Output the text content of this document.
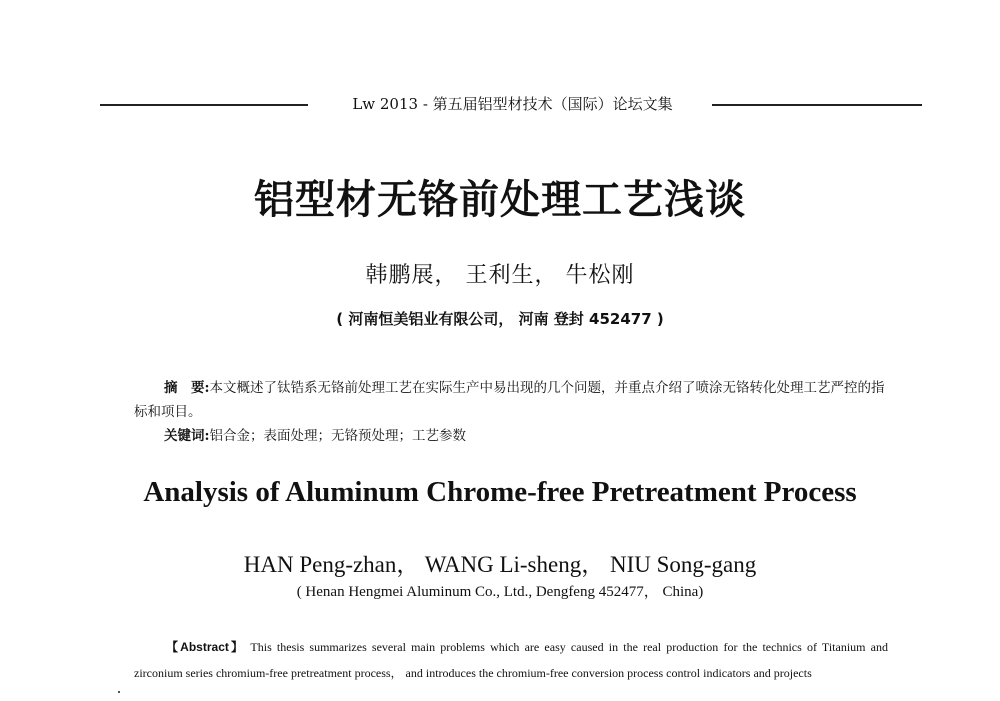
Lw 2013 - 第五届铝型材技术（国际）论坛文集
铝型材无铬前处理工艺浅谈
韩鹏展， 王利生， 牛松刚
( 河南恒美铝业有限公司， 河南 登封 452477 )
摘　要:本文概述了钛锆系无铬前处理工艺在实际生产中易出现的几个问题，并重点介绍了喷涂无铬转化处理工艺严控的指标和项目。
关键词:铝合金；表面处理；无铬预处理；工艺参数
Analysis of Aluminum Chrome-free Pretreatment Process
HAN Peng-zhan， WANG Li-sheng， NIU Song-gang
( Henan Hengmei Aluminum Co., Ltd., Dengfeng 452477， China)
【Abstract】 This thesis summarizes several main problems which are easy caused in the real production for the technics of Titanium and zirconium series chromium-free pretreatment process， and introduces the chromium-free conversion process control indicators and projects
